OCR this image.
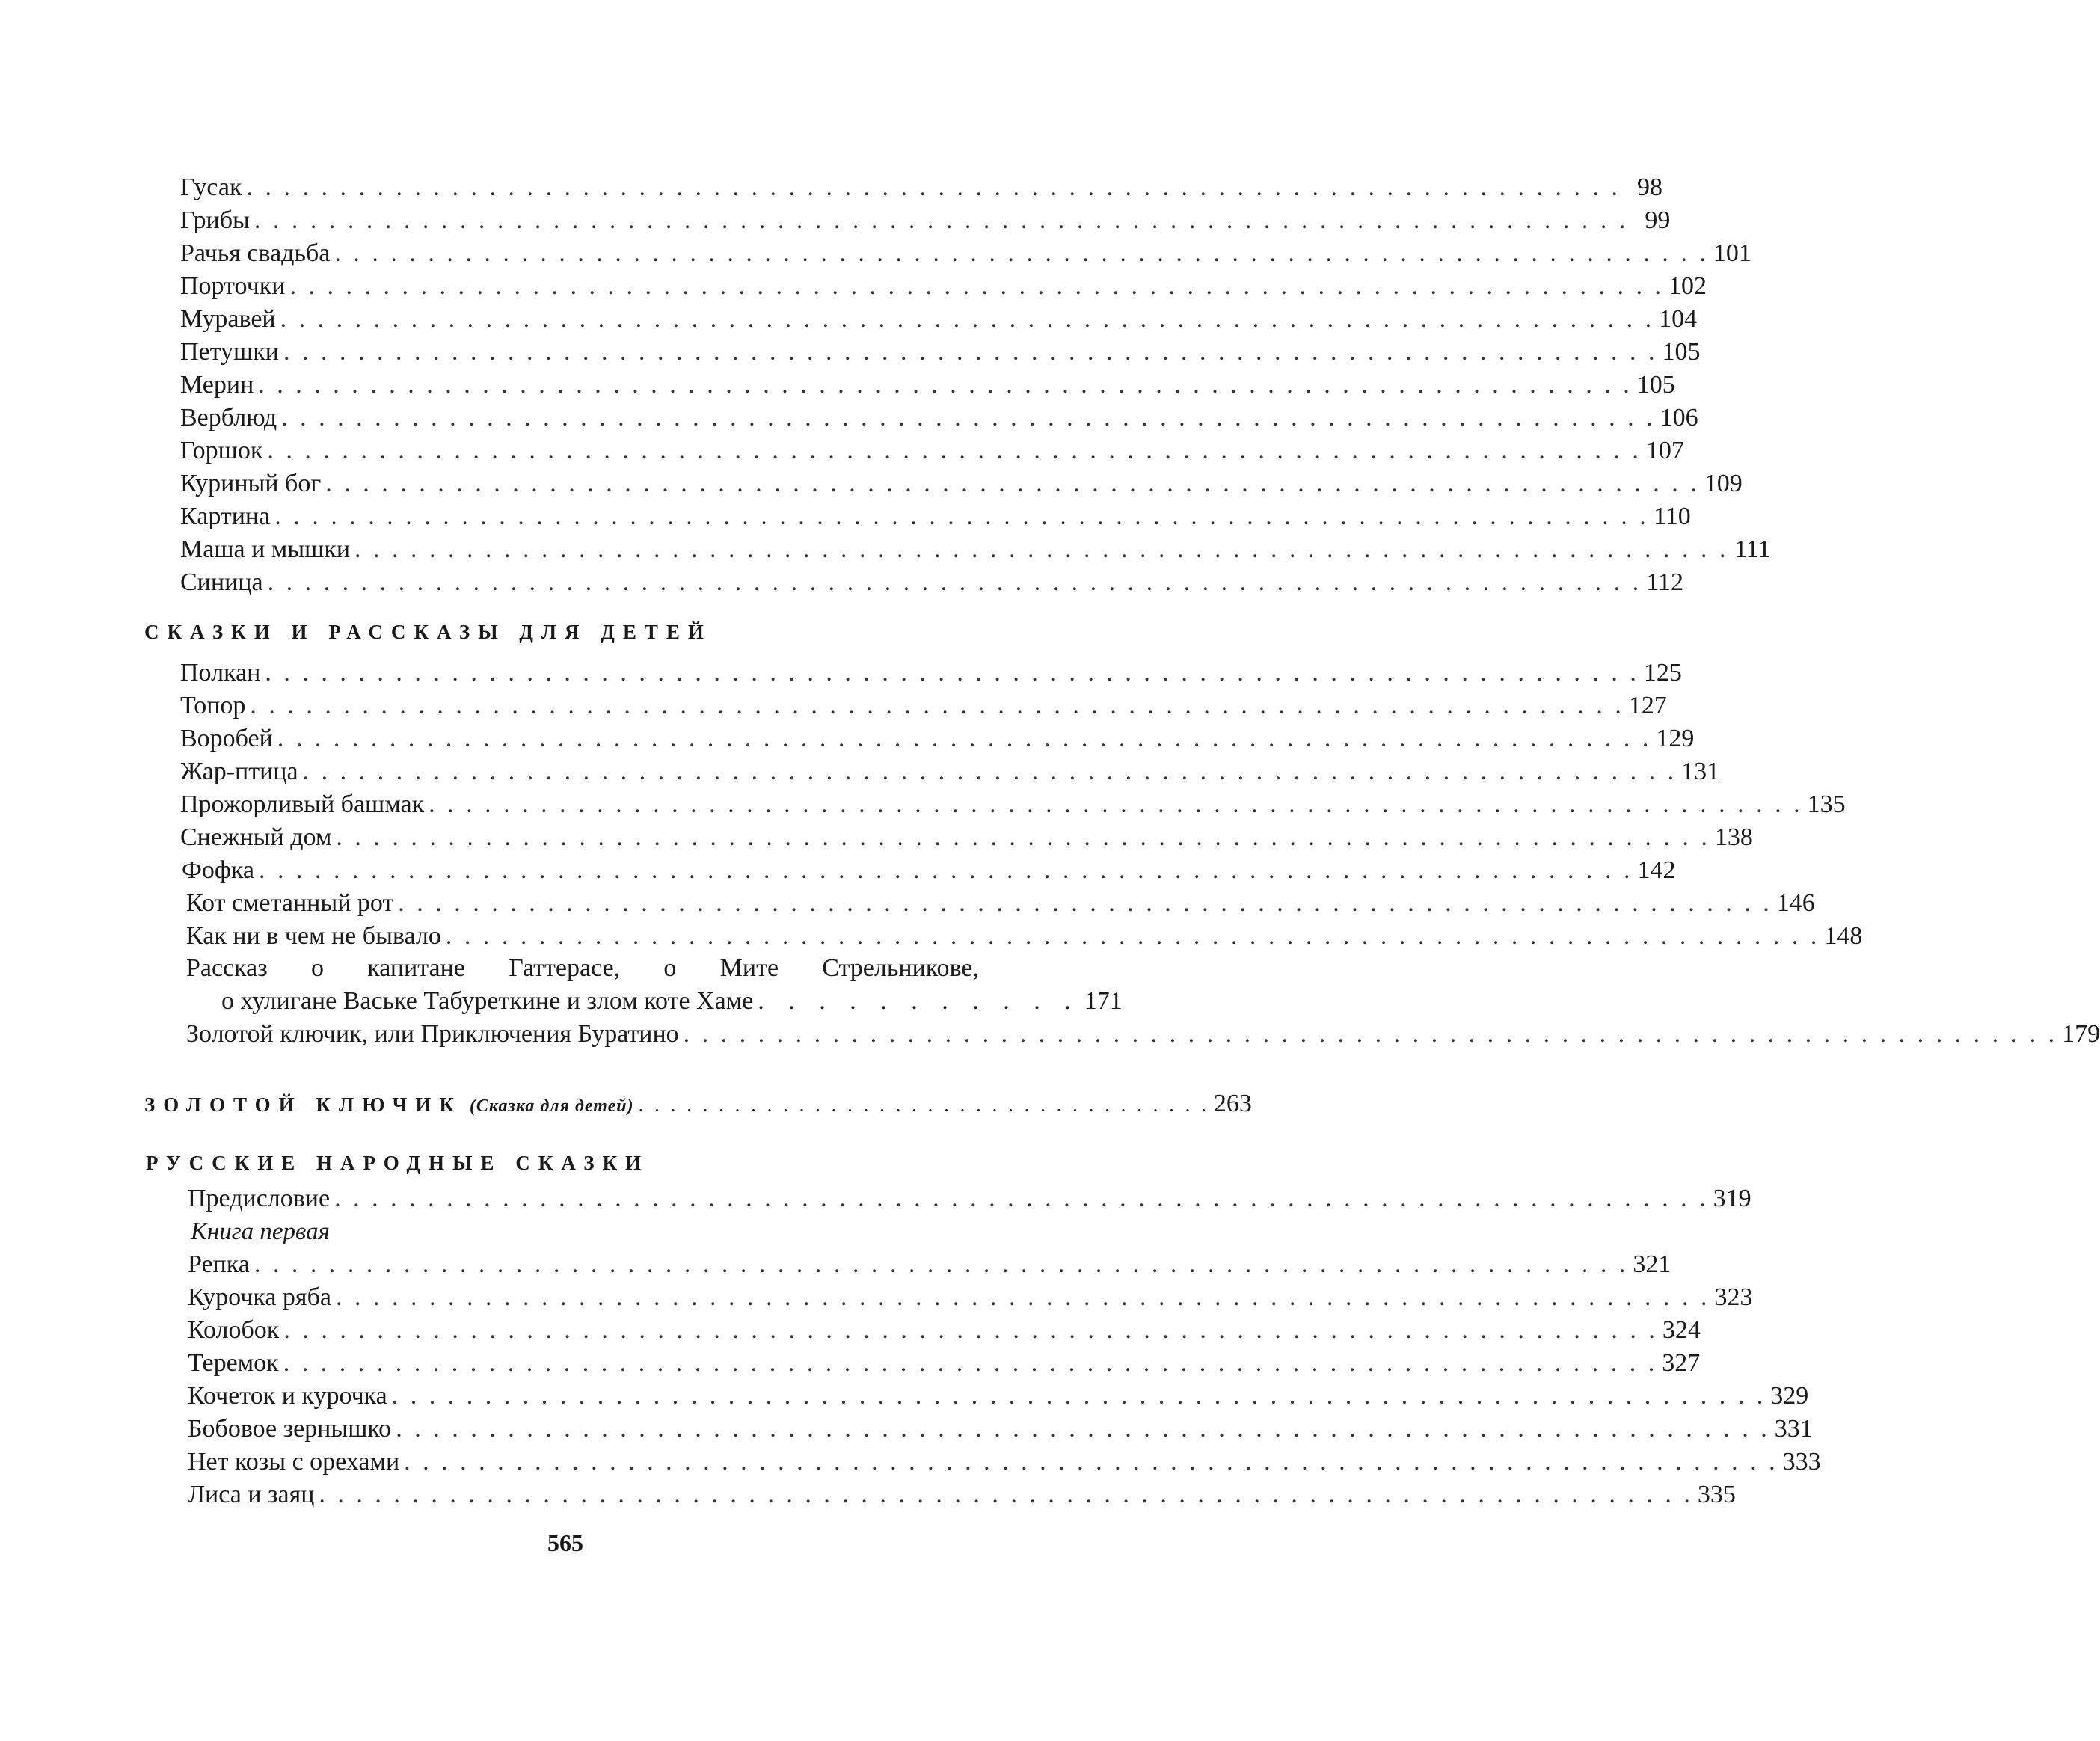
Гусак . . .	98
Грибы . . .	99
Рачья свадьба . . .	101
Порточки . . .	102
Муравей . . .	104
Петушки . . .	105
Мерин . . .	105
Верблюд . . .	106
Горшок . . .	107
Куриный бог . . .	109
Картина . . .	110
Маша и мышки . . .	111
Синица . . .	112
СКАЗКИ И РАССКАЗЫ ДЛЯ ДЕТЕЙ
Полкан . . .	125
Топор . . .	127
Воробей . . .	129
Жар-птица . . .	131
Прожорливый башмак . . .	135
Снежный дом . . .	138
Фофка . . .	142
Кот сметанный рот . . .	146
Как ни в чем не бывало . . .	148
Рассказ о капитане Гаттерасе, о Мите Стрельникове,
о хулигане Ваське Табуреткине и злом коте Хаме . . . . . . . . . . . 171
Золотой ключик, или Приключения Буратино . . .	179
ЗОЛОТОЙ КЛЮЧИК (Сказка для детей) . . .	263
РУССКИЕ НАРОДНЫЕ СКАЗКИ
Предисловие . . .	319
Книга первая
Репка . . .	321
Курочка ряба . . .	323
Колобок . . .	324
Теремок . . .	327
Кочеток и курочка . . .	329
Бобовое зернышко . . .	331
Нет козы с орехами . . .	333
Лиса и заяц . . .	335
565
